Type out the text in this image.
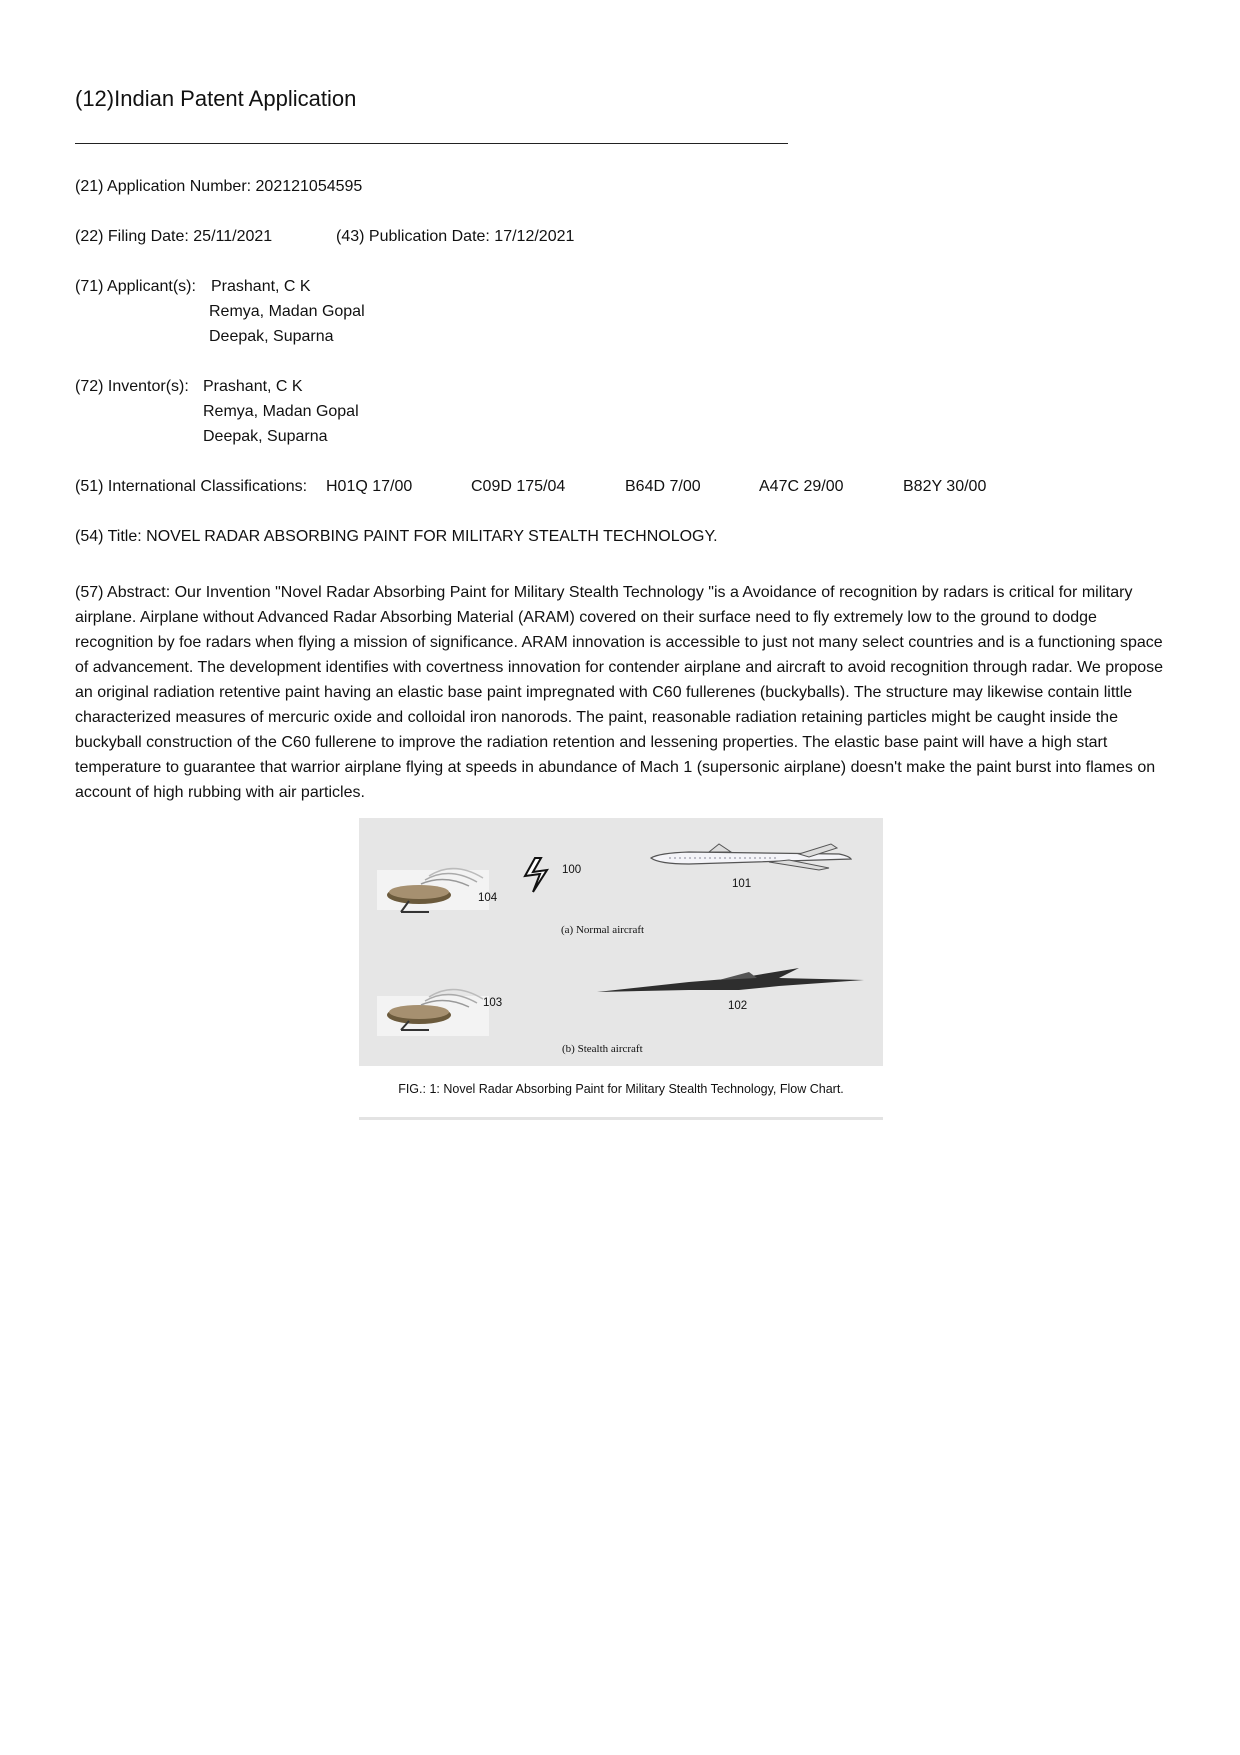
(12)Indian Patent Application
(21) Application Number: 202121054595
(22) Filing Date: 25/11/2021	(43) Publication Date: 17/12/2021
(71) Applicant(s): Prashant, C K
Remya, Madan Gopal
Deepak, Suparna
(72) Inventor(s): Prashant, C K
Remya, Madan Gopal
Deepak, Suparna
(51) International Classifications: H01Q 17/00	C09D 175/04	B64D 7/00	A47C 29/00	B82Y 30/00
(54) Title: NOVEL RADAR ABSORBING PAINT FOR MILITARY STEALTH TECHNOLOGY.
(57) Abstract: Our Invention "Novel Radar Absorbing Paint for Military Stealth Technology "is a Avoidance of recognition by radars is critical for military airplane. Airplane without Advanced Radar Absorbing Material (ARAM) covered on their surface need to fly extremely low to the ground to dodge recognition by foe radars when flying a mission of significance. ARAM innovation is accessible to just not many select countries and is a functioning space of advancement. The development identifies with covertness innovation for contender airplane and aircraft to avoid recognition through radar. We propose an original radiation retentive paint having an elastic base paint impregnated with C60 fullerenes (buckyballs). The structure may likewise contain little characterized measures of mercuric oxide and colloidal iron nanorods. The paint, reasonable radiation retaining particles might be caught inside the buckyball construction of the C60 fullerene to improve the radiation retention and lessening properties. The elastic base paint will have a high start temperature to guarantee that warrior airplane flying at speeds in abundance of Mach 1 (supersonic airplane) doesn't make the paint burst into flames on account of high rubbing with air particles.
100
101
104
(a) Normal aircraft
103	102
(b) Stealth aircraft
FIG.: 1: Novel Radar Absorbing Paint for Military Stealth Technology, Flow Chart.
